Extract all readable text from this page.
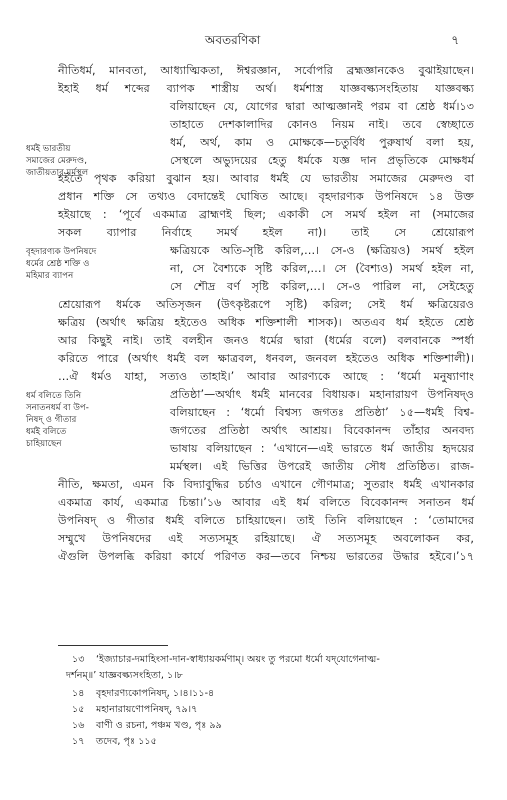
অবতরণিকা	৭
নীতিধর্ম, মানবতা, আধ্যাত্মিকতা, ঈশ্বরজ্ঞান, সর্বোপরি ব্রহ্মজ্ঞানকেও বুঝাইয়াছেন।
ইহাই ধর্ম শব্দের ব্যাপক শাস্ত্রীয় অর্থ। ধর্মশাস্ত্র যাজ্ঞবল্ক্যসংহিতায় যাজ্ঞবল্ক্য
বলিয়াছেন যে, যোগের দ্বারা আত্মজ্ঞানই পরম বা শ্রেষ্ঠ ধর্ম।১৩
তাহাতে দেশকালাদির কোনও নিয়ম নাই। তবে স্বেচ্ছাতে
ধর্ম, অর্থ, কাম ও মোক্ষকে—চতুর্বিধ পুরুষার্থ বলা হয়,
সেস্থলে অভ্যুদয়ের হেতু ধর্মকে যজ্ঞ দান প্রভৃতিকে মোক্ষধর্ম
হইতে পৃথক করিয়া বুঝান হয়। আবার ধর্মই যে ভারতীয় সমাজের মেরুদণ্ড বা
প্রধান শক্তি সে তথ্যও বেদান্তেই ঘোষিত আছে। বৃহদারণ্যক উপনিষদে ১৪ উক্ত
হইয়াছে : ‘পূর্বে একমাত্র ব্রাহ্মণই ছিল; একাকী সে সমর্থ হইল না (সমাজের
সকল ব্যাপার নির্বাহে সমর্থ হইল না)। তাই সে শ্রেয়োরূপ
ক্ষত্রিয়কে অতি-সৃষ্টি করিল,…। সে-ও (ক্ষত্রিয়ও) সমর্থ হইল
না, সে বৈশ্যকে সৃষ্টি করিল,…। সে (বৈশ্যও) সমর্থ হইল না,
সে শৌদ্র বর্ণ সৃষ্টি করিল,…। সে-ও পারিল না, সেইহেতু
শ্রেয়োরূপ ধর্মকে অতিসৃজন (উৎকৃষ্টরূপে সৃষ্টি) করিল; সেই ধর্ম ক্ষত্রিয়েরও
ক্ষত্রিয় (অর্থাৎ ক্ষত্রিয় হইতেও অধিক শক্তিশালী শাসক)। অতএব ধর্ম হইতে শ্রেষ্ঠ
আর কিছুই নাই। তাই বলহীন জনও ধর্মের দ্বারা (ধর্মের বলে) বলবানকে স্পর্ধা
করিতে পারে (অর্থাৎ ধর্মই বল ক্ষাত্রবল, ধনবল, জনবল হইতেও অধিক শক্তিশালী)।
…ঐ ধর্মও যাহা, সত্যও তাহাই।’ আবার আরণ্যকে আছে : ‘ধর্মো মনুষ্যাণাং
প্রতিষ্ঠা’—অর্থাৎ ধর্মই মানবের বিধায়ক। মহানারায়ণ উপনিষদ্‌ও
বলিয়াছেন : ‘ধর্মো বিশ্বস্য জগতঃ প্রতিষ্ঠা’ ১৫—ধর্মই বিশ্ব-
জগতের প্রতিষ্ঠা অর্থাৎ আশ্রয়। বিবেকানন্দ তাঁহার অনবদ্য
ভাষায় বলিয়াছেন : ‘এখানে—এই ভারতে ধর্ম জাতীয় হৃদয়ের
মর্মস্থল। এই ভিত্তির উপরেই জাতীয় সৌধ প্রতিষ্ঠিত। রাজ-
নীতি, ক্ষমতা, এমন কি বিদ্যাবুদ্ধির চর্চাও এখানে গৌণমাত্র; সুতরাং ধর্মই এখানকার
একমাত্র কার্য, একমাত্র চিন্তা।’১৬ আবার এই ধর্ম বলিতে বিবেকানন্দ সনাতন ধর্ম
উপনিষদ্‌ ও গীতার ধর্মই বলিতে চাহিয়াছেন। তাই তিনি বলিয়াছেন : ‘তোমাদের
সম্মুখে উপনিষদের এই সত্যসমূহ রহিয়াছে। ঐ সত্যসমূহ অবলোকন কর,
ঐগুলি উপলব্ধি করিয়া কার্যে পরিণত কর—তবে নিশ্চয় ভারতের উদ্ধার হইবে।’১৭
ধর্মই ভারতীয়
সমাজের মেরুদণ্ড,
জাতীয়তার মর্মস্থল
বৃহদারণ্যক উপনিষদে
ধর্মের শ্রেষ্ঠ শক্তি ও
মহিমার ব্যাপন
ধর্ম বলিতে তিনি
সনাতনধর্ম বা উপ-
নিষদ্‌ ও গীতার
ধর্মই বলিতে
চাহিয়াছেন
১৩ ‘ইজ্যাচার-দমাহিংসা-দান-স্বাধ্যায়কর্মণাম্। অয়ং তু পরমো ধর্মো যদ্‌যোগেনাত্ম-
দর্শনম্‌॥’ যাজ্ঞবল্ক্যসংহিতা, ১।৮
১৪ বৃহদারণ্যকোপনিষদ্‌, ১।৪।১১-৪
১৫ মহানারায়ণোপনিষদ্‌, ৭৯।৭
১৬ বাণী ও রচনা, পঞ্চম খণ্ড, পৃঃ ৯৯
১৭ তদেব, পৃঃ ১১৫
